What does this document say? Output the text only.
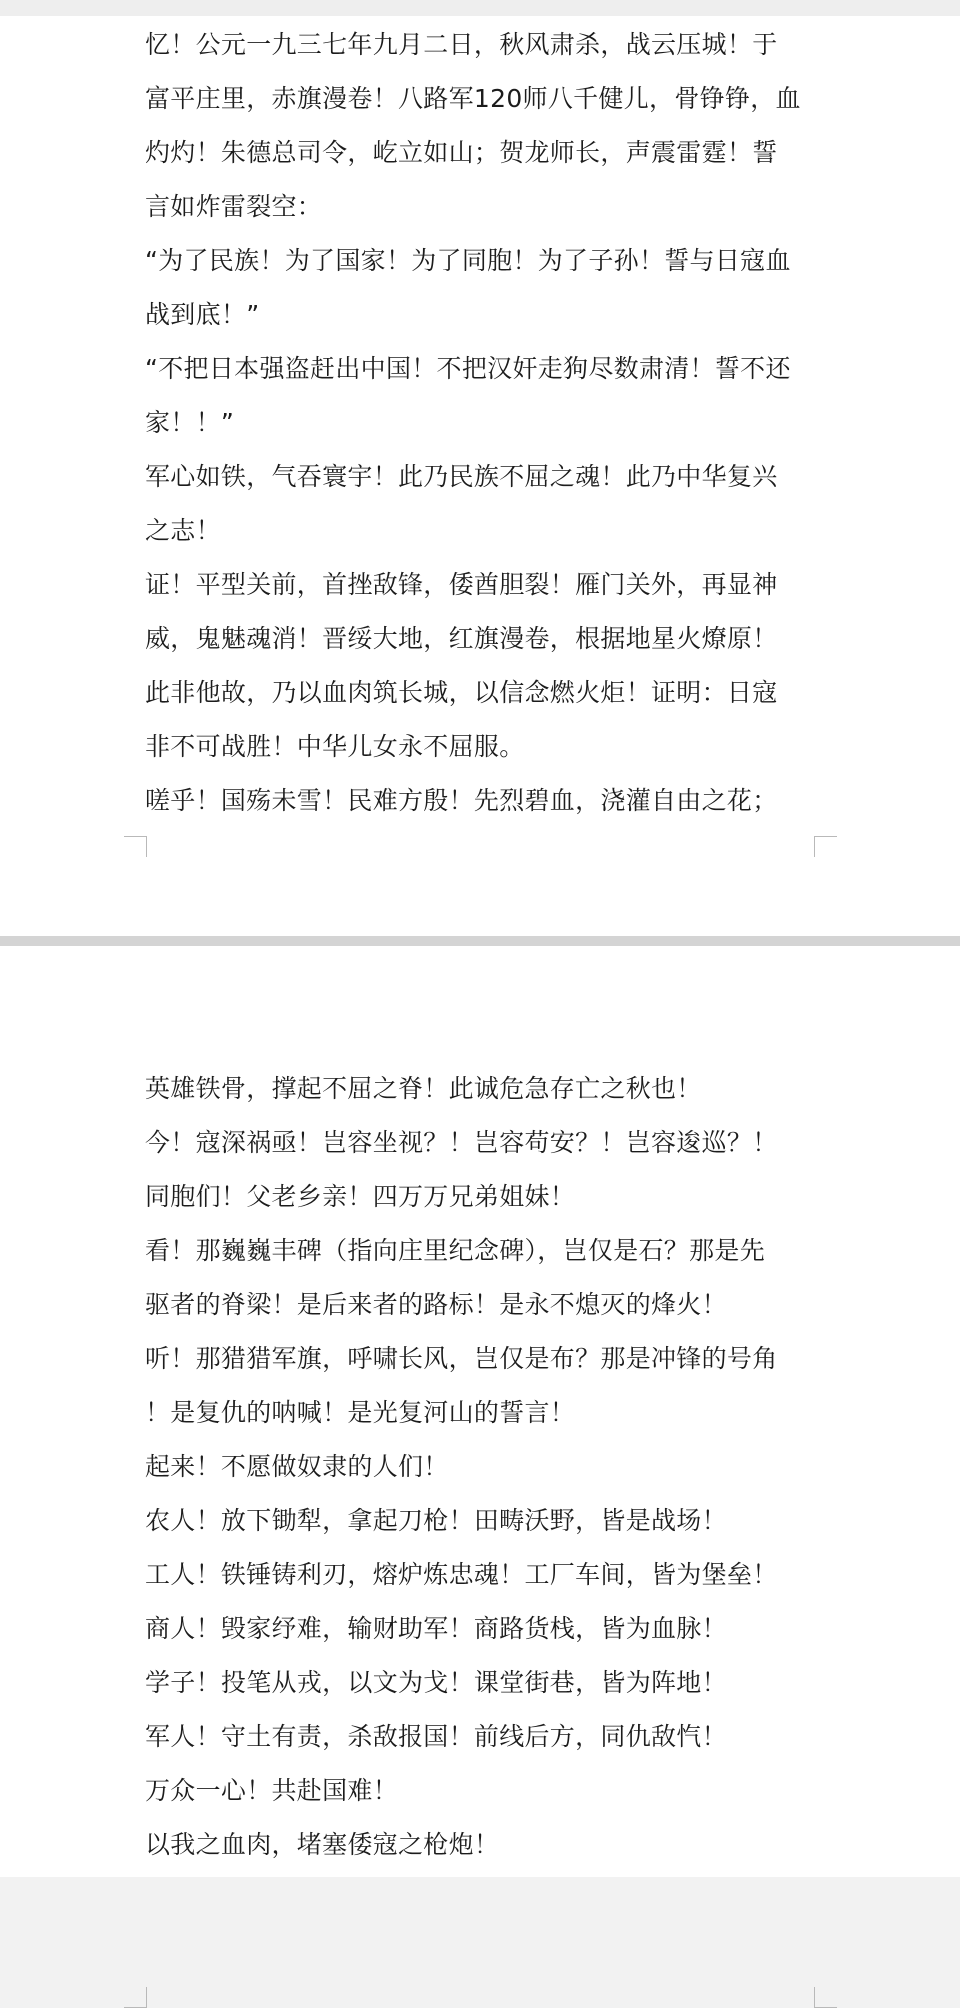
忆！公元一九三七年九月二日，秋风肃杀，战云压城！于
富平庄里，赤旗漫卷！八路军120师八千健儿，骨铮铮，血
灼灼！朱德总司令，屹立如山；贺龙师长，声震雷霆！誓
言如炸雷裂空：
“为了民族！为了国家！为了同胞！为了子孙！誓与日寇血
战到底！”
“不把日本强盗赶出中国！不把汉奸走狗尽数肃清！誓不还
家！！”
军心如铁，气吞寰宇！此乃民族不屈之魂！此乃中华复兴
之志！
证！平型关前，首挫敌锋，倭酋胆裂！雁门关外，再显神
威，鬼魅魂消！晋绥大地，红旗漫卷，根据地星火燎原！
此非他故，乃以血肉筑长城，以信念燃火炬！证明：日寇
非不可战胜！中华儿女永不屈服。
嗟乎！国殇未雪！民难方殷！先烈碧血，浇灌自由之花；
英雄铁骨，撑起不屈之脊！此诚危急存亡之秋也！
今！寇深祸亟！岂容坐视？！岂容苟安？！岂容逡巡？！
同胞们！父老乡亲！四万万兄弟姐妹！
看！那巍巍丰碑（指向庄里纪念碑），岂仅是石？那是先
驱者的脊梁！是后来者的路标！是永不熄灭的烽火！
听！那猎猎军旗，呼啸长风，岂仅是布？那是冲锋的号角
！是复仇的呐喊！是光复河山的誓言！
起来！不愿做奴隶的人们！
农人！放下锄犁，拿起刀枪！田畴沃野，皆是战场！
工人！铁锤铸利刃，熔炉炼忠魂！工厂车间，皆为堡垒！
商人！毁家纾难，输财助军！商路货栈，皆为血脉！
学子！投笔从戎，以文为戈！课堂街巷，皆为阵地！
军人！守土有责，杀敌报国！前线后方，同仇敌忾！
万众一心！共赴国难！
以我之血肉，堵塞倭寇之枪炮！
